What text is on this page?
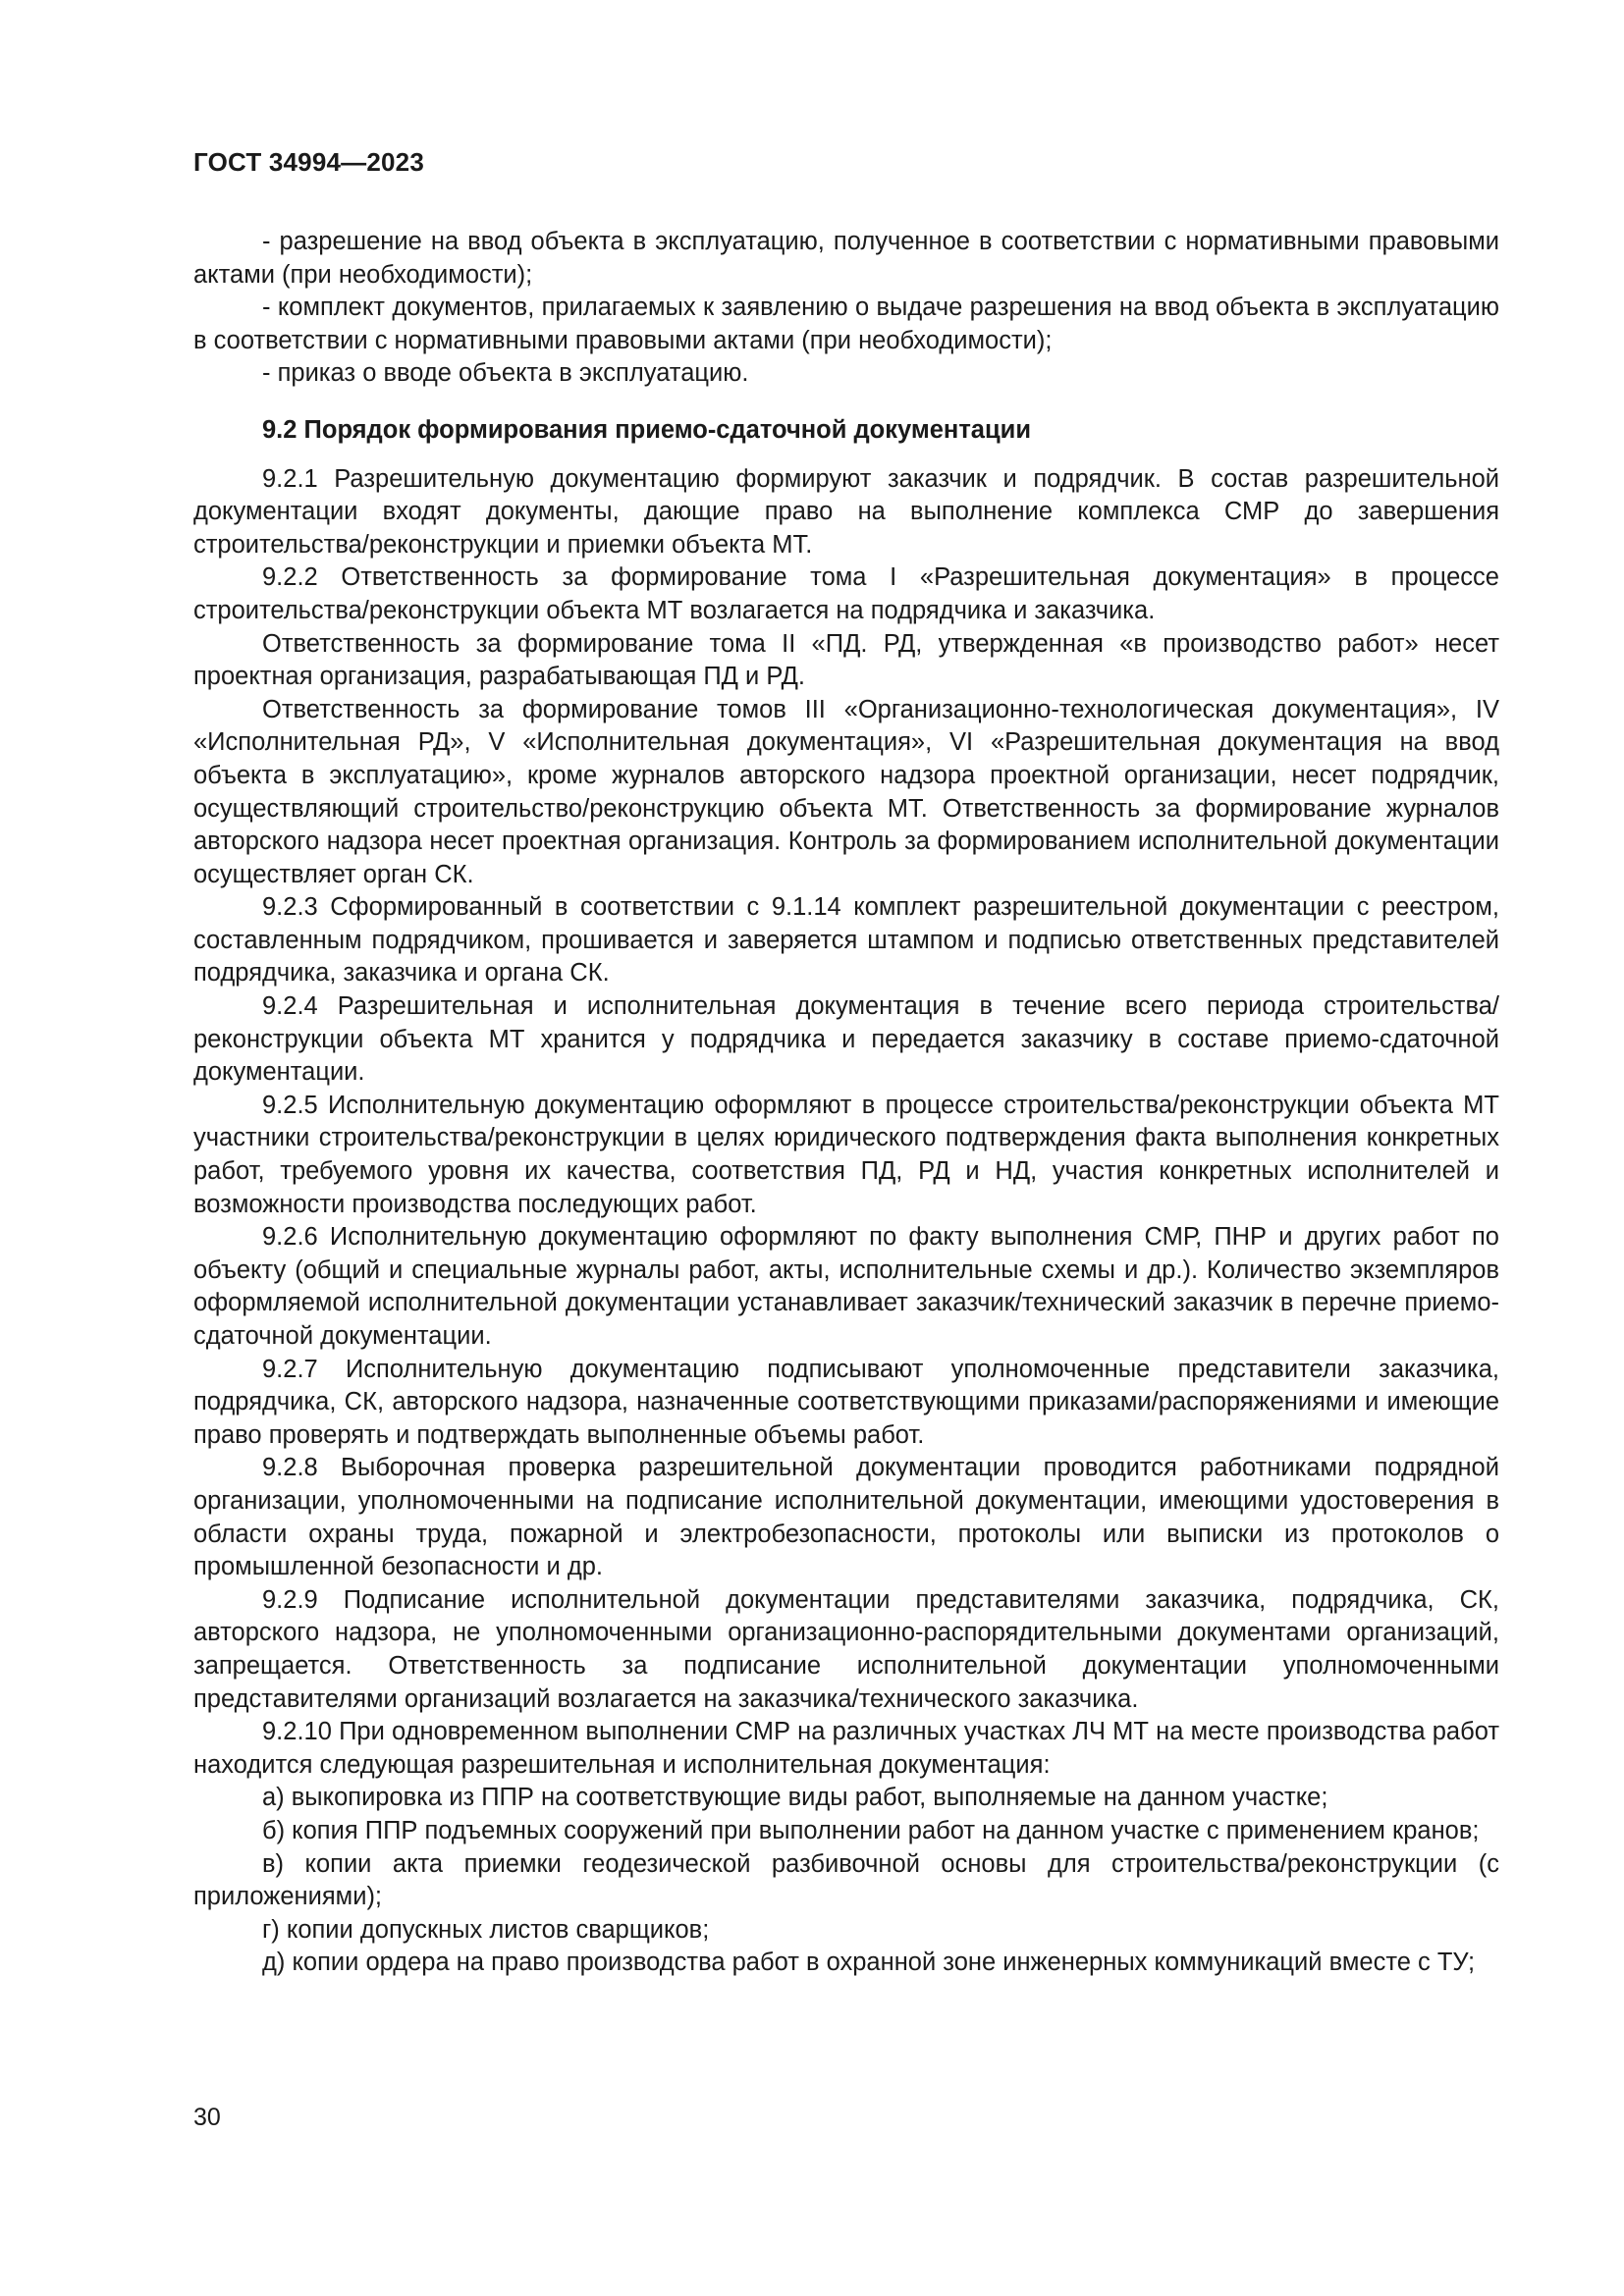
ГОСТ 34994—2023

- разрешение на ввод объекта в эксплуатацию, полученное в соответствии с нормативными правовыми актами (при необходимости);

- комплект документов, прилагаемых к заявлению о выдаче разрешения на ввод объекта в эксплуатацию в соответствии с нормативными правовыми актами (при необходимости);

- приказ о вводе объекта в эксплуатацию.

9.2 Порядок формирования приемо-сдаточной документации

9.2.1 Разрешительную документацию формируют заказчик и подрядчик. В состав разрешительной документации входят документы, дающие право на выполнение комплекса СМР до завершения строительства/реконструкции и приемки объекта МТ.

9.2.2 Ответственность за формирование тома I «Разрешительная документация» в процессе строительства/реконструкции объекта МТ возлагается на подрядчика и заказчика.

Ответственность за формирование тома II «ПД. РД, утвержденная «в производство работ» несет проектная организация, разрабатывающая ПД и РД.

Ответственность за формирование томов III «Организационно-технологическая документация», IV «Исполнительная РД», V «Исполнительная документация», VI «Разрешительная документация на ввод объекта в эксплуатацию», кроме журналов авторского надзора проектной организации, несет подрядчик, осуществляющий строительство/реконструкцию объекта МТ. Ответственность за формирование журналов авторского надзора несет проектная организация. Контроль за формированием исполнительной документации осуществляет орган СК.

9.2.3 Сформированный в соответствии с 9.1.14 комплект разрешительной документации с реестром, составленным подрядчиком, прошивается и заверяется штампом и подписью ответственных представителей подрядчика, заказчика и органа СК.

9.2.4 Разрешительная и исполнительная документация в течение всего периода строительства/реконструкции объекта МТ хранится у подрядчика и передается заказчику в составе приемо-сдаточной документации.

9.2.5 Исполнительную документацию оформляют в процессе строительства/реконструкции объекта МТ участники строительства/реконструкции в целях юридического подтверждения факта выполнения конкретных работ, требуемого уровня их качества, соответствия ПД, РД и НД, участия конкретных исполнителей и возможности производства последующих работ.

9.2.6 Исполнительную документацию оформляют по факту выполнения СМР, ПНР и других работ по объекту (общий и специальные журналы работ, акты, исполнительные схемы и др.). Количество экземпляров оформляемой исполнительной документации устанавливает заказчик/технический заказчик в перечне приемо-сдаточной документации.

9.2.7 Исполнительную документацию подписывают уполномоченные представители заказчика, подрядчика, СК, авторского надзора, назначенные соответствующими приказами/распоряжениями и имеющие право проверять и подтверждать выполненные объемы работ.

9.2.8 Выборочная проверка разрешительной документации проводится работниками подрядной организации, уполномоченными на подписание исполнительной документации, имеющими удостоверения в области охраны труда, пожарной и электробезопасности, протоколы или выписки из протоколов о промышленной безопасности и др.

9.2.9 Подписание исполнительной документации представителями заказчика, подрядчика, СК, авторского надзора, не уполномоченными организационно-распорядительными документами организаций, запрещается. Ответственность за подписание исполнительной документации уполномоченными представителями организаций возлагается на заказчика/технического заказчика.

9.2.10 При одновременном выполнении СМР на различных участках ЛЧ МТ на месте производства работ находится следующая разрешительная и исполнительная документация:

а) выкопировка из ППР на соответствующие виды работ, выполняемые на данном участке;

б) копия ППР подъемных сооружений при выполнении работ на данном участке с применением кранов;

в) копии акта приемки геодезической разбивочной основы для строительства/реконструкции (с приложениями);

г) копии допускных листов сварщиков;

д) копии ордера на право производства работ в охранной зоне инженерных коммуникаций вместе с ТУ;

30
